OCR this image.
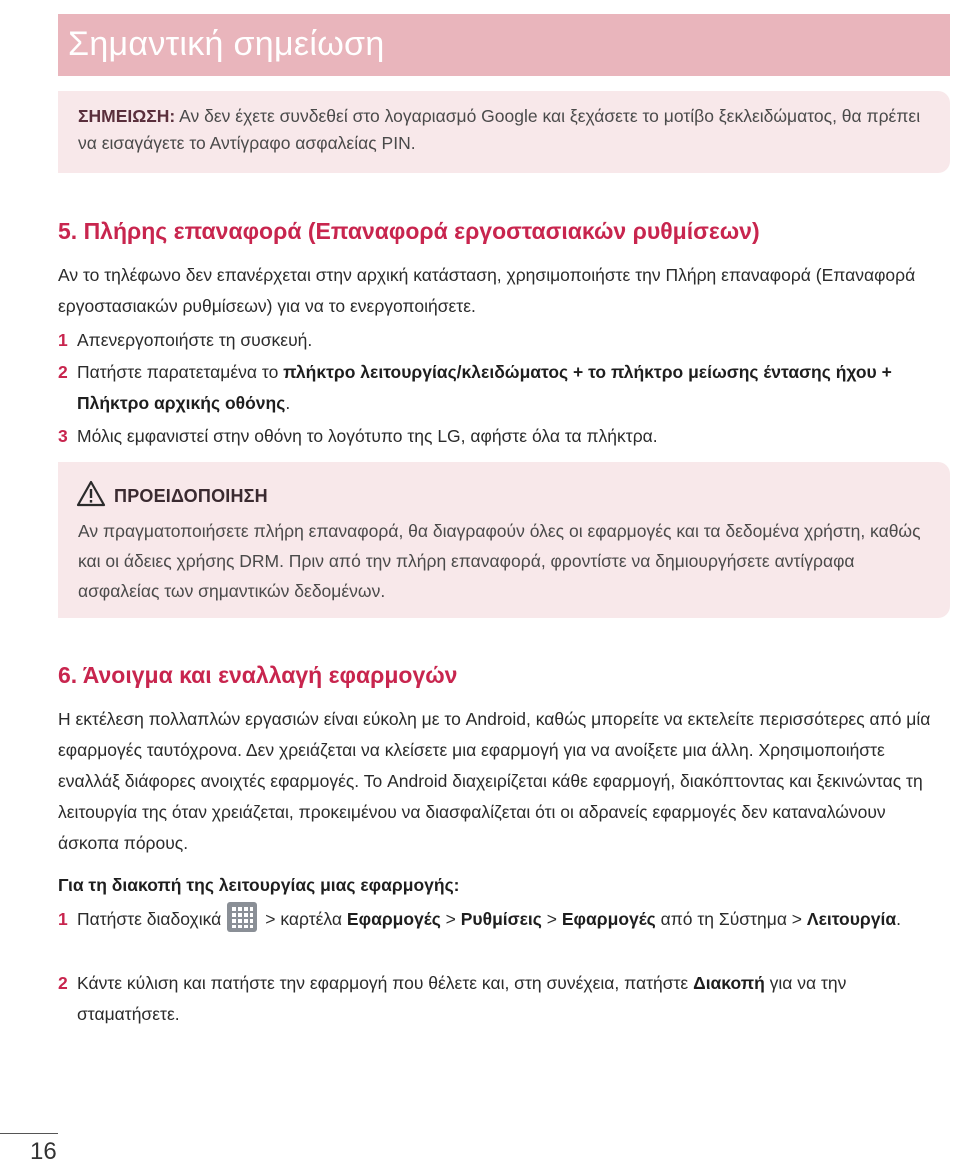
Σημαντική σημείωση
ΣΗΜΕΙΩΣΗ: Αν δεν έχετε συνδεθεί στο λογαριασμό Google και ξεχάσετε το μοτίβο ξεκλειδώματος, θα πρέπει να εισαγάγετε το Αντίγραφο ασφαλείας PIN.
5. Πλήρης επαναφορά (Επαναφορά εργοστασιακών ρυθμίσεων)
Αν το τηλέφωνο δεν επανέρχεται στην αρχική κατάσταση, χρησιμοποιήστε την Πλήρη επαναφορά (Επαναφορά εργοστασιακών ρυθμίσεων) για να το ενεργοποιήσετε.
1 Απενεργοποιήστε τη συσκευή.
2 Πατήστε παρατεταμένα το πλήκτρο λειτουργίας/κλειδώματος + το πλήκτρο μείωσης έντασης ήχου + Πλήκτρο αρχικής οθόνης.
3 Μόλις εμφανιστεί στην οθόνη το λογότυπο της LG, αφήστε όλα τα πλήκτρα.
ΠΡΟΕΙΔΟΠΟΙΗΣΗ
Αν πραγματοποιήσετε πλήρη επαναφορά, θα διαγραφούν όλες οι εφαρμογές και τα δεδομένα χρήστη, καθώς και οι άδειες χρήσης DRM. Πριν από την πλήρη επαναφορά, φροντίστε να δημιουργήσετε αντίγραφα ασφαλείας των σημαντικών δεδομένων.
6. Άνοιγμα και εναλλαγή εφαρμογών
Η εκτέλεση πολλαπλών εργασιών είναι εύκολη με το Android, καθώς μπορείτε να εκτελείτε περισσότερες από μία εφαρμογές ταυτόχρονα. Δεν χρειάζεται να κλείσετε μια εφαρμογή για να ανοίξετε μια άλλη. Χρησιμοποιήστε εναλλάξ διάφορες ανοιχτές εφαρμογές. Το Android διαχειρίζεται κάθε εφαρμογή, διακόπτοντας και ξεκινώντας τη λειτουργία της όταν χρειάζεται, προκειμένου να διασφαλίζεται ότι οι αδρανείς εφαρμογές δεν καταναλώνουν άσκοπα πόρους.
Για τη διακοπή της λειτουργίας μιας εφαρμογής:
1 Πατήστε διαδοχικά	> καρτέλα Εφαρμογές > Ρυθμίσεις > Εφαρμογές από τη Σύστημα > Λειτουργία.
2 Κάντε κύλιση και πατήστε την εφαρμογή που θέλετε και, στη συνέχεια, πατήστε Διακοπή για να την σταματήσετε.
16
